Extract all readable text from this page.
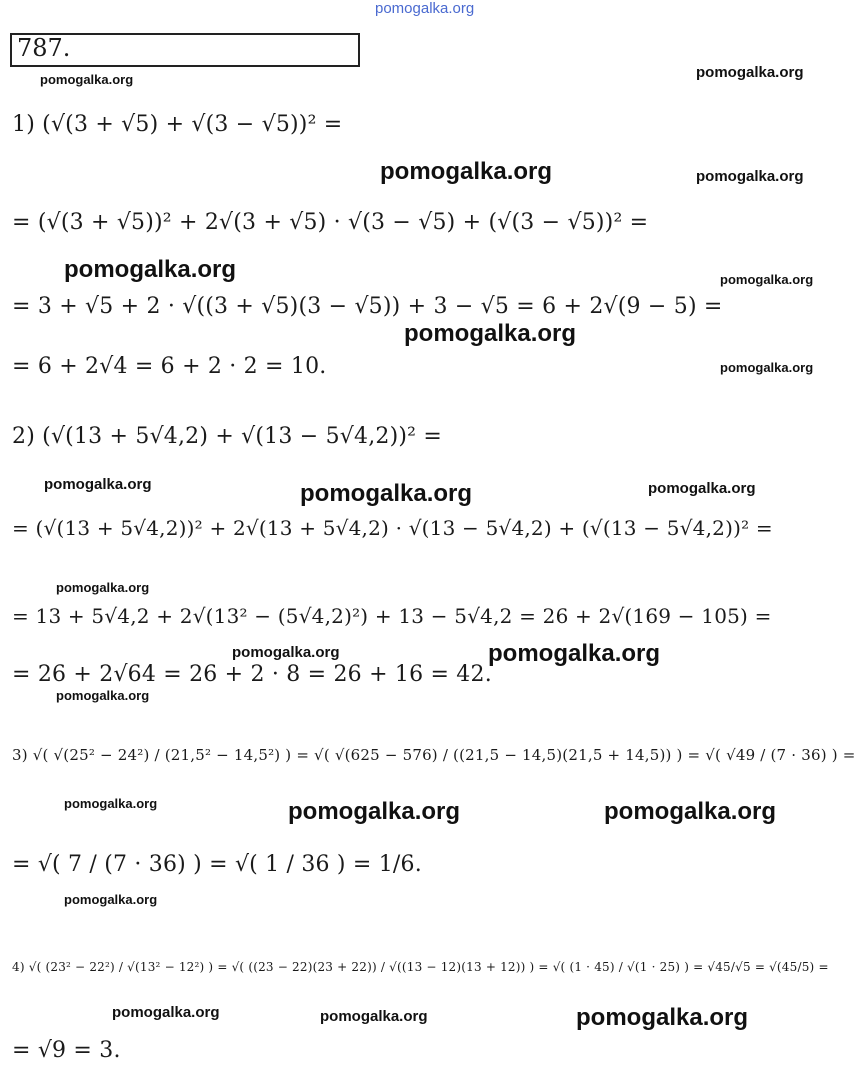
pomogalka.org
787.
1) (√(3 + √5) + √(3 − √5))² =
= (√(3 + √5))² + 2√(3 + √5) · √(3 − √5) + (√(3 − √5))² =
= 3 + √5 + 2 · √((3 + √5)(3 − √5)) + 3 − √5 = 6 + 2√(9 − 5) =
= 6 + 2√4 = 6 + 2 · 2 = 10.
2) (√(13 + 5√4,2) + √(13 − 5√4,2))² =
= (√(13 + 5√4,2))² + 2√(13 + 5√4,2) · √(13 − 5√4,2) + (√(13 − 5√4,2))² =
= 13 + 5√4,2 + 2√(13² − (5√4,2)²) + 13 − 5√4,2 = 26 + 2√(169 − 105) =
= 26 + 2√64 = 26 + 2 · 8 = 26 + 16 = 42.
3) √( √(25² − 24²) / (21,5² − 14,5²) ) = √( √(625 − 576) / ((21,5 − 14,5)(21,5 + 14,5)) ) = √( √49 / (7 · 36) ) =
= √( 7 / (7 · 36) ) = √( 1 / 36 ) = 1/6.
4) √( (23² − 22²) / √(13² − 12²) ) = √( ((23 − 22)(23 + 22)) / √((13 − 12)(13 + 12)) ) = √( (1 · 45) / √(1 · 25) ) = √45/√5 = √(45/5) =
= √9 = 3.
pomogalka.org	pomogalka.org
pomogalka.org	pomogalka.org
pomogalka.org	pomogalka.org
pomogalka.org
pomogalka.org
pomogalka.org	pomogalka.org	pomogalka.org
pomogalka.org
pomogalka.org	pomogalka.org
pomogalka.org
pomogalka.org	pomogalka.org	pomogalka.org
pomogalka.org
pomogalka.org	pomogalka.org	pomogalka.org
